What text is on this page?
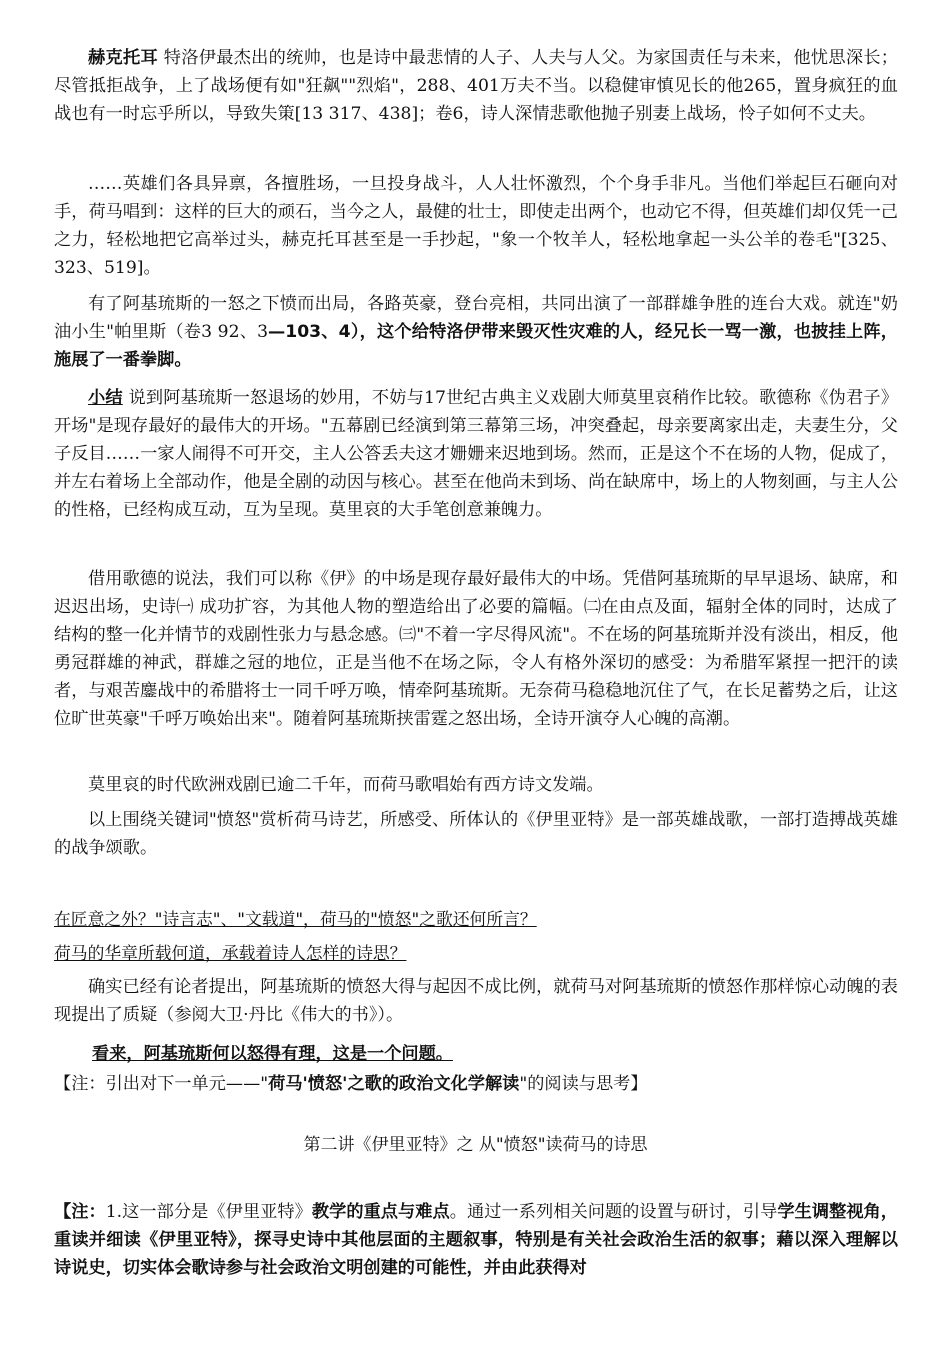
赫克托耳 特洛伊最杰出的统帅，也是诗中最悲情的人子、人夫与人父。为家国责任与未来，他忧思深长；尽管抵拒战争，上了战场便有如"狂飙""烈焰"，288、401万夫不当。以稳健审慎见长的他265，置身疯狂的血战也有一时忘乎所以，导致失策[13 317、438]；卷6，诗人深情悲歌他抛子别妻上战场，怜子如何不丈夫。

……英雄们各具异禀，各擅胜场，一旦投身战斗，人人壮怀激烈，个个身手非凡。当他们举起巨石砸向对手，荷马唱到：这样的巨大的顽石，当今之人，最健的壮士，即使走出两个，也动它不得，但英雄们却仅凭一己之力，轻松地把它高举过头，赫克托耳甚至是一手抄起，"象一个牧羊人，轻松地拿起一头公羊的卷毛"[325、323、519]。

有了阿基琉斯的一怒之下愤而出局，各路英豪，登台亮相，共同出演了一部群雄争胜的连台大戏。就连"奶油小生"帕里斯（卷3 92、3—103、4），这个给特洛伊带来毁灭性灾难的人，经兄长一骂一激，也披挂上阵，施展了一番拳脚。

小结 说到阿基琉斯一怒退场的妙用，不妨与17世纪古典主义戏剧大师莫里哀稍作比较。歌德称《伪君子》开场"是现存最好的最伟大的开场。"五幕剧已经演到第三幕第三场，冲突叠起，母亲要离家出走，夫妻生分，父子反目……一家人闹得不可开交，主人公答丢夫这才姗姗来迟地到场。然而，正是这个不在场的人物，促成了，并左右着场上全部动作，他是全剧的动因与核心。甚至在他尚未到场、尚在缺席中，场上的人物刻画，与主人公的性格，已经构成互动，互为呈现。莫里哀的大手笔创意兼魄力。

借用歌德的说法，我们可以称《伊》的中场是现存最好最伟大的中场。凭借阿基琉斯的早早退场、缺席，和迟迟出场，史诗㈠ 成功扩容，为其他人物的塑造给出了必要的篇幅。㈡在由点及面，辐射全体的同时，达成了结构的整一化并情节的戏剧性张力与悬念感。㈢"不着一字尽得风流"。不在场的阿基琉斯并没有淡出，相反，他勇冠群雄的神武，群雄之冠的地位，正是当他不在场之际，令人有格外深切的感受：为希腊军紧捏一把汗的读者，与艰苦鏖战中的希腊将士一同千呼万唤，情牵阿基琉斯。无奈荷马稳稳地沉住了气，在长足蓄势之后，让这位旷世英豪"千呼万唤始出来"。随着阿基琉斯挟雷霆之怒出场，全诗开演夺人心魄的高潮。

莫里哀的时代欧洲戏剧已逾二千年，而荷马歌唱始有西方诗文发端。

以上围绕关键词"愤怒"赏析荷马诗艺，所感受、所体认的《伊里亚特》是一部英雄战歌，一部打造搏战英雄的战争颂歌。

在匠意之外？"诗言志"、"文载道"，荷马的"愤怒"之歌还何所言？

荷马的华章所载何道，承载着诗人怎样的诗思？

确实已经有论者提出，阿基琉斯的愤怒大得与起因不成比例，就荷马对阿基琉斯的愤怒作那样惊心动魄的表现提出了质疑（参阅大卫·丹比《伟大的书》）。

看来，阿基琉斯何以怒得有理，这是一个问题。

【注：引出对下一单元——"荷马'愤怒'之歌的政治文化学解读"的阅读与思考】

第二讲《伊里亚特》之 从"愤怒"读荷马的诗思

【注：1.这一部分是《伊里亚特》教学的重点与难点。通过一系列相关问题的设置与研讨，引导学生调整视角，重读并细读《伊里亚特》，探寻史诗中其他层面的主题叙事，特别是有关社会政治生活的叙事；藉以深入理解以诗说史，切实体会歌诗参与社会政治文明创建的可能性，并由此获得对
